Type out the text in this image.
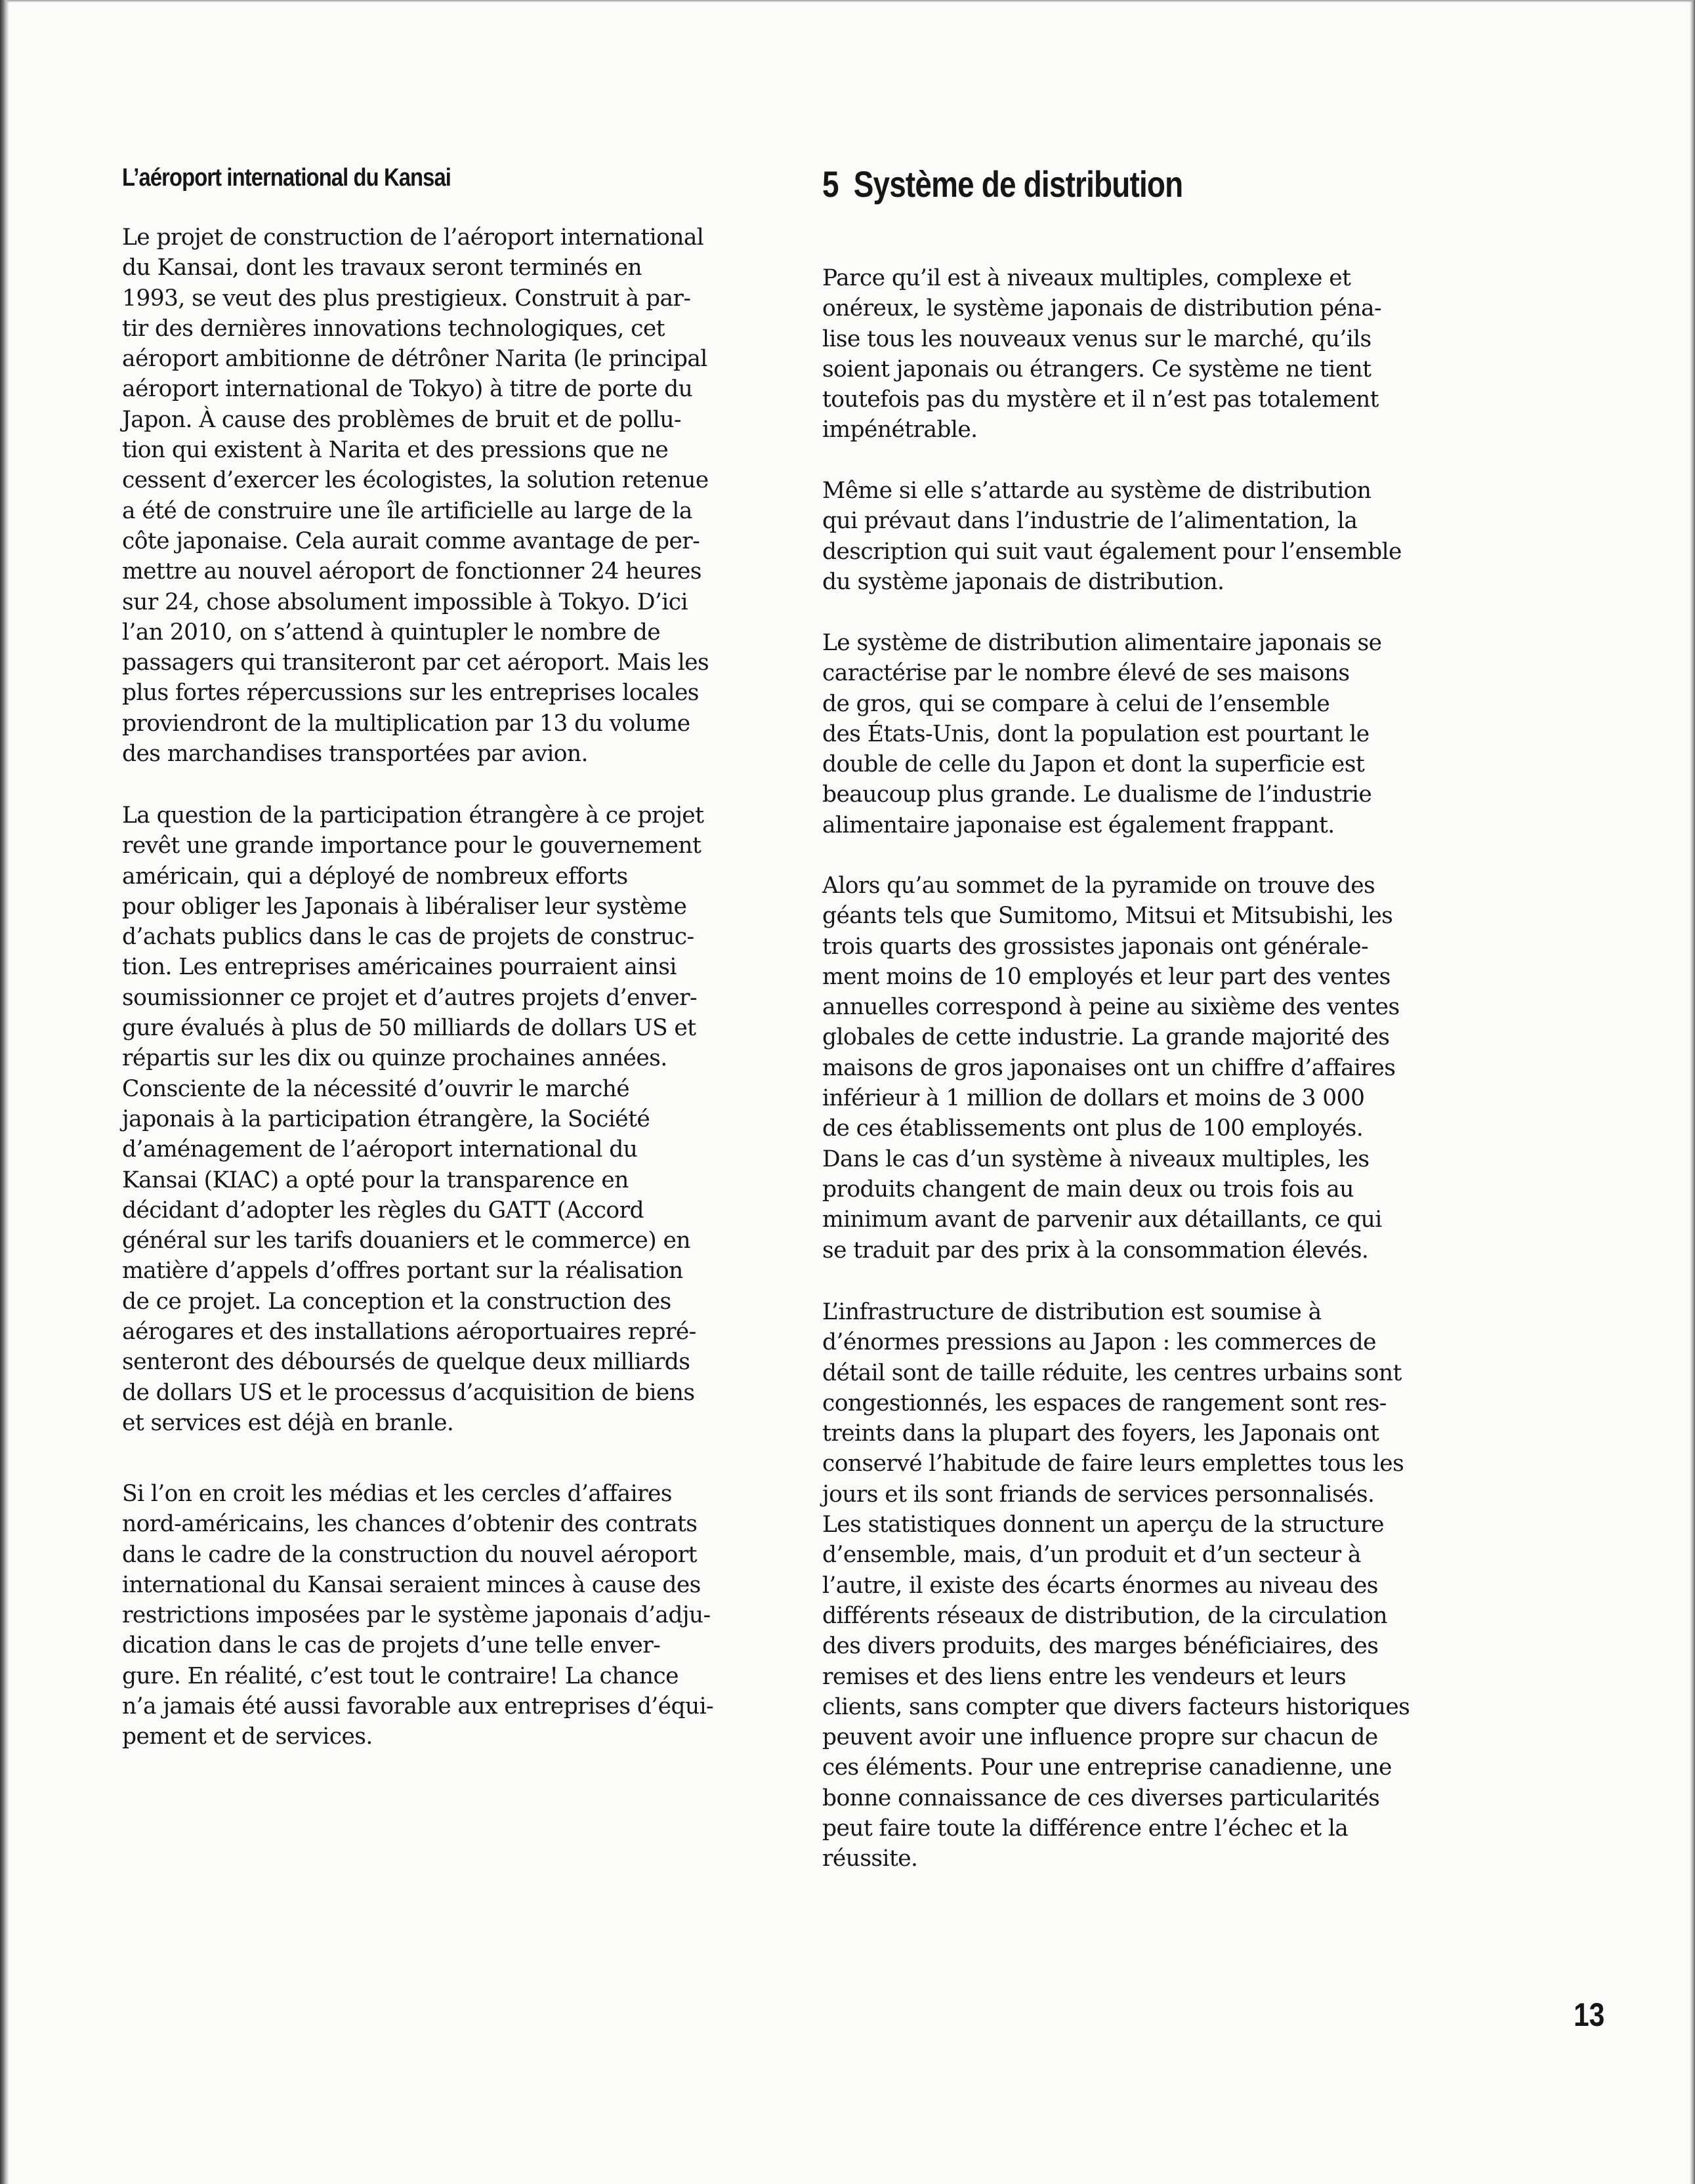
L’aéroport international du Kansai

Le projet de construction de l’aéroport international
du Kansai, dont les travaux seront terminés en
1993, se veut des plus prestigieux. Construit à par-
tir des dernières innovations technologiques, cet
aéroport ambitionne de détrôner Narita (le principal
aéroport international de Tokyo) à titre de porte du
Japon. À cause des problèmes de bruit et de pollu-
tion qui existent à Narita et des pressions que ne
cessent d’exercer les écologistes, la solution retenue
a été de construire une île artificielle au large de la
côte japonaise. Cela aurait comme avantage de per-
mettre au nouvel aéroport de fonctionner 24 heures
sur 24, chose absolument impossible à Tokyo. D’ici
l’an 2010, on s’attend à quintupler le nombre de
passagers qui transiteront par cet aéroport. Mais les
plus fortes répercussions sur les entreprises locales
proviendront de la multiplication par 13 du volume
des marchandises transportées par avion.

La question de la participation étrangère à ce projet
revêt une grande importance pour le gouvernement
américain, qui a déployé de nombreux efforts
pour obliger les Japonais à libéraliser leur système
d’achats publics dans le cas de projets de construc-
tion. Les entreprises américaines pourraient ainsi
soumissionner ce projet et d’autres projets d’enver-
gure évalués à plus de 50 milliards de dollars US et
répartis sur les dix ou quinze prochaines années.
Consciente de la nécessité d’ouvrir le marché
japonais à la participation étrangère, la Société
d’aménagement de l’aéroport international du
Kansai (KIAC) a opté pour la transparence en
décidant d’adopter les règles du GATT (Accord
général sur les tarifs douaniers et le commerce) en
matière d’appels d’offres portant sur la réalisation
de ce projet. La conception et la construction des
aérogares et des installations aéroportuaires repré-
senteront des déboursés de quelque deux milliards
de dollars US et le processus d’acquisition de biens
et services est déjà en branle.

Si l’on en croit les médias et les cercles d’affaires
nord-américains, les chances d’obtenir des contrats
dans le cadre de la construction du nouvel aéroport
international du Kansai seraient minces à cause des
restrictions imposées par le système japonais d’adju-
dication dans le cas de projets d’une telle enver-
gure. En réalité, c’est tout le contraire! La chance
n’a jamais été aussi favorable aux entreprises d’équi-
pement et de services.

5 Système de distribution

Parce qu’il est à niveaux multiples, complexe et
onéreux, le système japonais de distribution péna-
lise tous les nouveaux venus sur le marché, qu’ils
soient japonais ou étrangers. Ce système ne tient
toutefois pas du mystère et il n’est pas totalement
impénétrable.

Même si elle s’attarde au système de distribution
qui prévaut dans l’industrie de l’alimentation, la
description qui suit vaut également pour l’ensemble
du système japonais de distribution.

Le système de distribution alimentaire japonais se
caractérise par le nombre élevé de ses maisons
de gros, qui se compare à celui de l’ensemble
des États-Unis, dont la population est pourtant le
double de celle du Japon et dont la superficie est
beaucoup plus grande. Le dualisme de l’industrie
alimentaire japonaise est également frappant.

Alors qu’au sommet de la pyramide on trouve des
géants tels que Sumitomo, Mitsui et Mitsubishi, les
trois quarts des grossistes japonais ont générale-
ment moins de 10 employés et leur part des ventes
annuelles correspond à peine au sixième des ventes
globales de cette industrie. La grande majorité des
maisons de gros japonaises ont un chiffre d’affaires
inférieur à 1 million de dollars et moins de 3 000
de ces établissements ont plus de 100 employés.
Dans le cas d’un système à niveaux multiples, les
produits changent de main deux ou trois fois au
minimum avant de parvenir aux détaillants, ce qui
se traduit par des prix à la consommation élevés.

L’infrastructure de distribution est soumise à
d’énormes pressions au Japon : les commerces de
détail sont de taille réduite, les centres urbains sont
congestionnés, les espaces de rangement sont res-
treints dans la plupart des foyers, les Japonais ont
conservé l’habitude de faire leurs emplettes tous les
jours et ils sont friands de services personnalisés.
Les statistiques donnent un aperçu de la structure
d’ensemble, mais, d’un produit et d’un secteur à
l’autre, il existe des écarts énormes au niveau des
différents réseaux de distribution, de la circulation
des divers produits, des marges bénéficiaires, des
remises et des liens entre les vendeurs et leurs
clients, sans compter que divers facteurs historiques
peuvent avoir une influence propre sur chacun de
ces éléments. Pour une entreprise canadienne, une
bonne connaissance de ces diverses particularités
peut faire toute la différence entre l’échec et la
réussite.

13
